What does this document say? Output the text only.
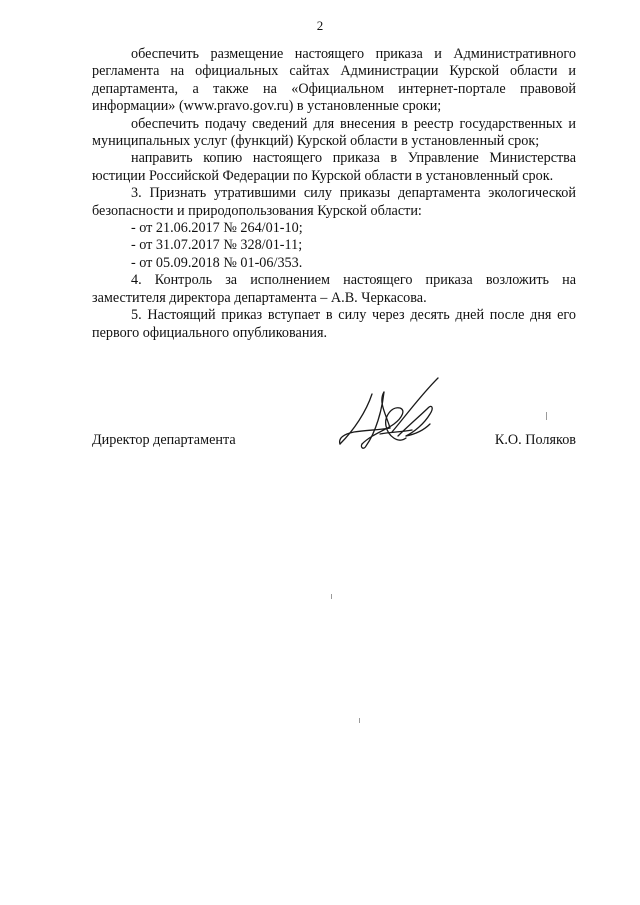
2

обеспечить размещение настоящего приказа и Административного регламента на официальных сайтах Администрации Курской области и департамента, а также на «Официальном интернет-портале правовой информации» (www.pravo.gov.ru) в установленные сроки;

обеспечить подачу сведений для внесения в реестр государственных и муниципальных услуг (функций) Курской области в установленный срок;

направить копию настоящего приказа в Управление Министерства юстиции Российской Федерации по Курской области в установленный срок.

3. Признать утратившими силу приказы департамента экологической безопасности и природопользования Курской области:

- от 21.06.2017 № 264/01-10;

- от 31.07.2017 № 328/01-11;

- от 05.09.2018 № 01-06/353.

4. Контроль за исполнением настоящего приказа возложить на заместителя директора департамента – А.В. Черкасова.

5. Настоящий приказ вступает в силу через десять дней после дня его первого официального опубликования.

Директор департамента	К.О. Поляков
